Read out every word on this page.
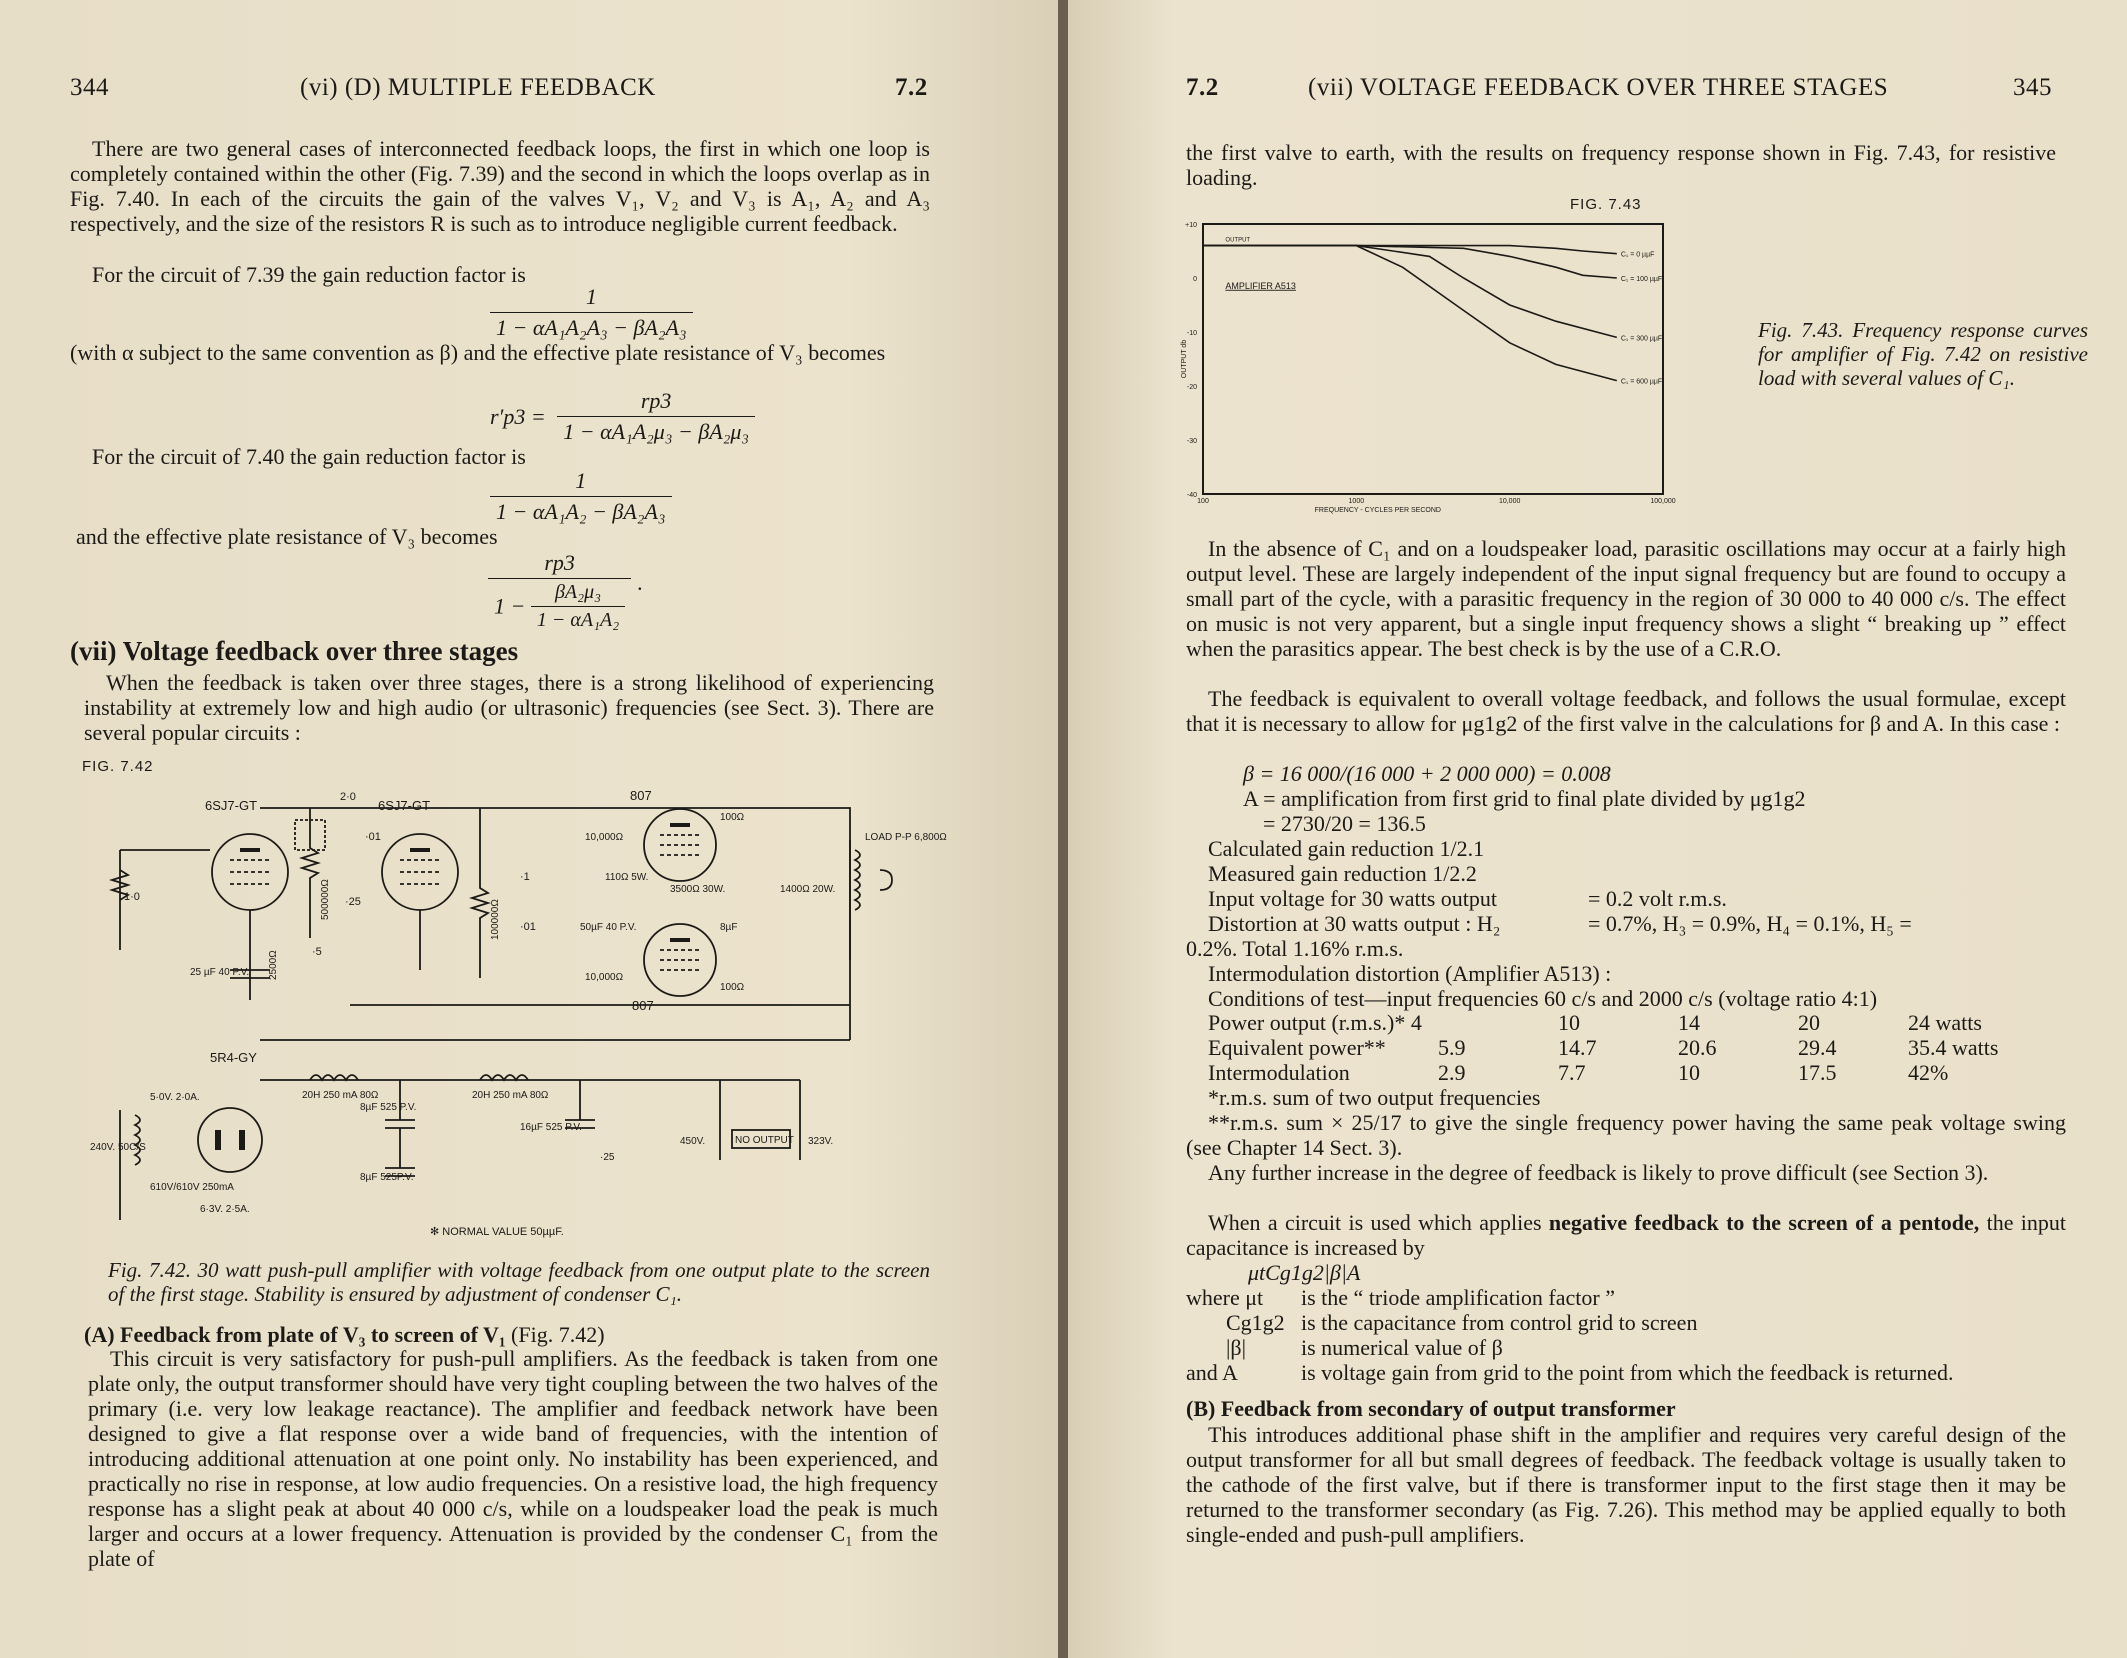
344	(vi) (D) MULTIPLE FEEDBACK	7.2

There are two general cases of interconnected feedback loops, the first in which one loop is completely contained within the other (Fig. 7.39) and the second in which the loops overlap as in Fig. 7.40. In each of the circuits the gain of the valves V₁, V₂ and V₃ is A₁, A₂ and A₃ respectively, and the size of the resistors R is such as to introduce negligible current feedback.

For the circuit of 7.39 the gain reduction factor is

$\frac{1}{\text{1 − αA₁A₂A₃ − βA₂A₃}}$

(with α subject to the same convention as β) and the effective plate resistance of V₃ becomes

$r'p3 = \frac{rp3}{\text{1 − αA₁A₂μ₃ − βA₂μ₃}}$

For the circuit of 7.40 the gain reduction factor is

$\frac{1}{\text{1 − αA₁A₂ − βA₂A₃}}$

and the effective plate resistance of V₃ becomes

$\frac{rp3}{1 - \frac{\text{βA₂μ₃}}{\text{1 − αA₁A₂}}}$ ·
(vii) Voltage feedback over three stages

When the feedback is taken over three stages, there is a strong likelihood of experiencing instability at extremely low and high audio (or ultrasonic) frequencies (see Sect. 3). There are several popular circuits :

FIG. 7.42
6SJ7-GT
1·0
25 µF 40 P.V. 2500Ω
500000Ω
2·0
·01
·25
·5
6SJ7-GT
100000Ω
·1
·01
807
807
10,000Ω
10,000Ω
100Ω
100Ω
110Ω 5W.
3500Ω 30W.	1400Ω 20W.
50µF 40 P.V.	8µF
LOAD P-P 6,800Ω
5R4-GY
20H 250 mA 80Ω	20H 250 mA 80Ω
240V. 50C/S
5·0V. 2·0A.
610V/610V 250mA
6·3V. 2·5A.
8µF 525 P.V.
16µF 525 P.V.
8µF 525P.V.
·25
450V.	NO OUTPUT 323V.
✻ NORMAL VALUE 50µµF.

Fig. 7.42. 30 watt push-pull amplifier with voltage feedback from one output plate to the screen of the first stage. Stability is ensured by adjustment of condenser C₁.

(A) Feedback from plate of V₃ to screen of V₁ (Fig. 7.42)

This circuit is very satisfactory for push-pull amplifiers. As the feedback is taken from one plate only, the output transformer should have very tight coupling between the two halves of the primary (i.e. very low leakage reactance). The amplifier and feedback network have been designed to give a flat response over a wide band of frequencies, with the intention of introducing additional attenuation at one point only. No instability has been experienced, and practically no rise in response, at low audio frequencies. On a resistive load, the high frequency response has a slight peak at about 40 000 c/s, while on a loudspeaker load the peak is much larger and occurs at a lower frequency. Attenuation is provided by the condenser C₁ from the plate of

7.2	(vii) VOLTAGE FEEDBACK OVER THREE STAGES	345

the first valve to earth, with the results on frequency response shown in Fig. 7.43, for resistive loading.

FIG. 7.43
+10
0
-10
-20
-30
-40
OUTPUT db
100	1000	10,000	100,000
FREQUENCY - CYCLES PER SECOND
OUTPUT
AMPLIFIER A513
C₁ = 0 µµF
C₁ = 100 µµF
C₁ = 300 µµF
C₁ = 600 µµF

Fig. 7.43. Frequency response curves for amplifier of Fig. 7.42 on resistive load with several values of C₁.

In the absence of C₁ and on a loudspeaker load, parasitic oscillations may occur at a fairly high output level. These are largely independent of the input signal frequency but are found to occupy a small part of the cycle, with a parasitic frequency in the region of 30 000 to 40 000 c/s. The effect on music is not very apparent, but a single input frequency shows a slight “ breaking up ” effect when the parasitics appear. The best check is by the use of a C.R.O.

The feedback is equivalent to overall voltage feedback, and follows the usual formulae, except that it is necessary to allow for μg1g2 of the first valve in the calculations for β and A. In this case :

β = 16 000/(16 000 + 2 000 000) = 0.008
A = amplification from first grid to final plate divided by μg1g2
= 2730/20 = 136.5
Calculated gain reduction 1/2.1
Measured gain reduction 1/2.2
Input voltage for 30 watts output	= 0.2 volt r.m.s.
Distortion at 30 watts output : H₂	= 0.7%, H₃ = 0.9%, H₄ = 0.1%, H₅ =
0.2%. Total 1.16% r.m.s.
Intermodulation distortion (Amplifier A513) :
Conditions of test—input frequencies 60 c/s and 2000 c/s (voltage ratio 4:1)
Power output (r.m.s.)* 4	10	14	20	24 watts
Equivalent power**	5.9	14.7	20.6	29.4	35.4 watts
Intermodulation	2.9	7.7	10	17.5	42%
*r.m.s. sum of two output frequencies

**r.m.s. sum × 25/17 to give the single frequency power having the same peak voltage swing (see Chapter 14 Sect. 3).

Any further increase in the degree of feedback is likely to prove difficult (see Section 3).

When a circuit is used which applies negative feedback to the screen of a pentode, the input capacitance is increased by

μtCg1g2|β|A
where μt	is the “ triode amplification factor ”
Cg1g2	is the capacitance from control grid to screen
|β|	is numerical value of β
and A	is voltage gain from grid to the point from which the feedback is returned.
(B) Feedback from secondary of output transformer

This introduces additional phase shift in the amplifier and requires very careful design of the output transformer for all but small degrees of feedback. The feedback voltage is usually taken to the cathode of the first valve, but if there is transformer input to the first stage then it may be returned to the transformer secondary (as Fig. 7.26). This method may be applied equally to both single-ended and push-pull amplifiers.
